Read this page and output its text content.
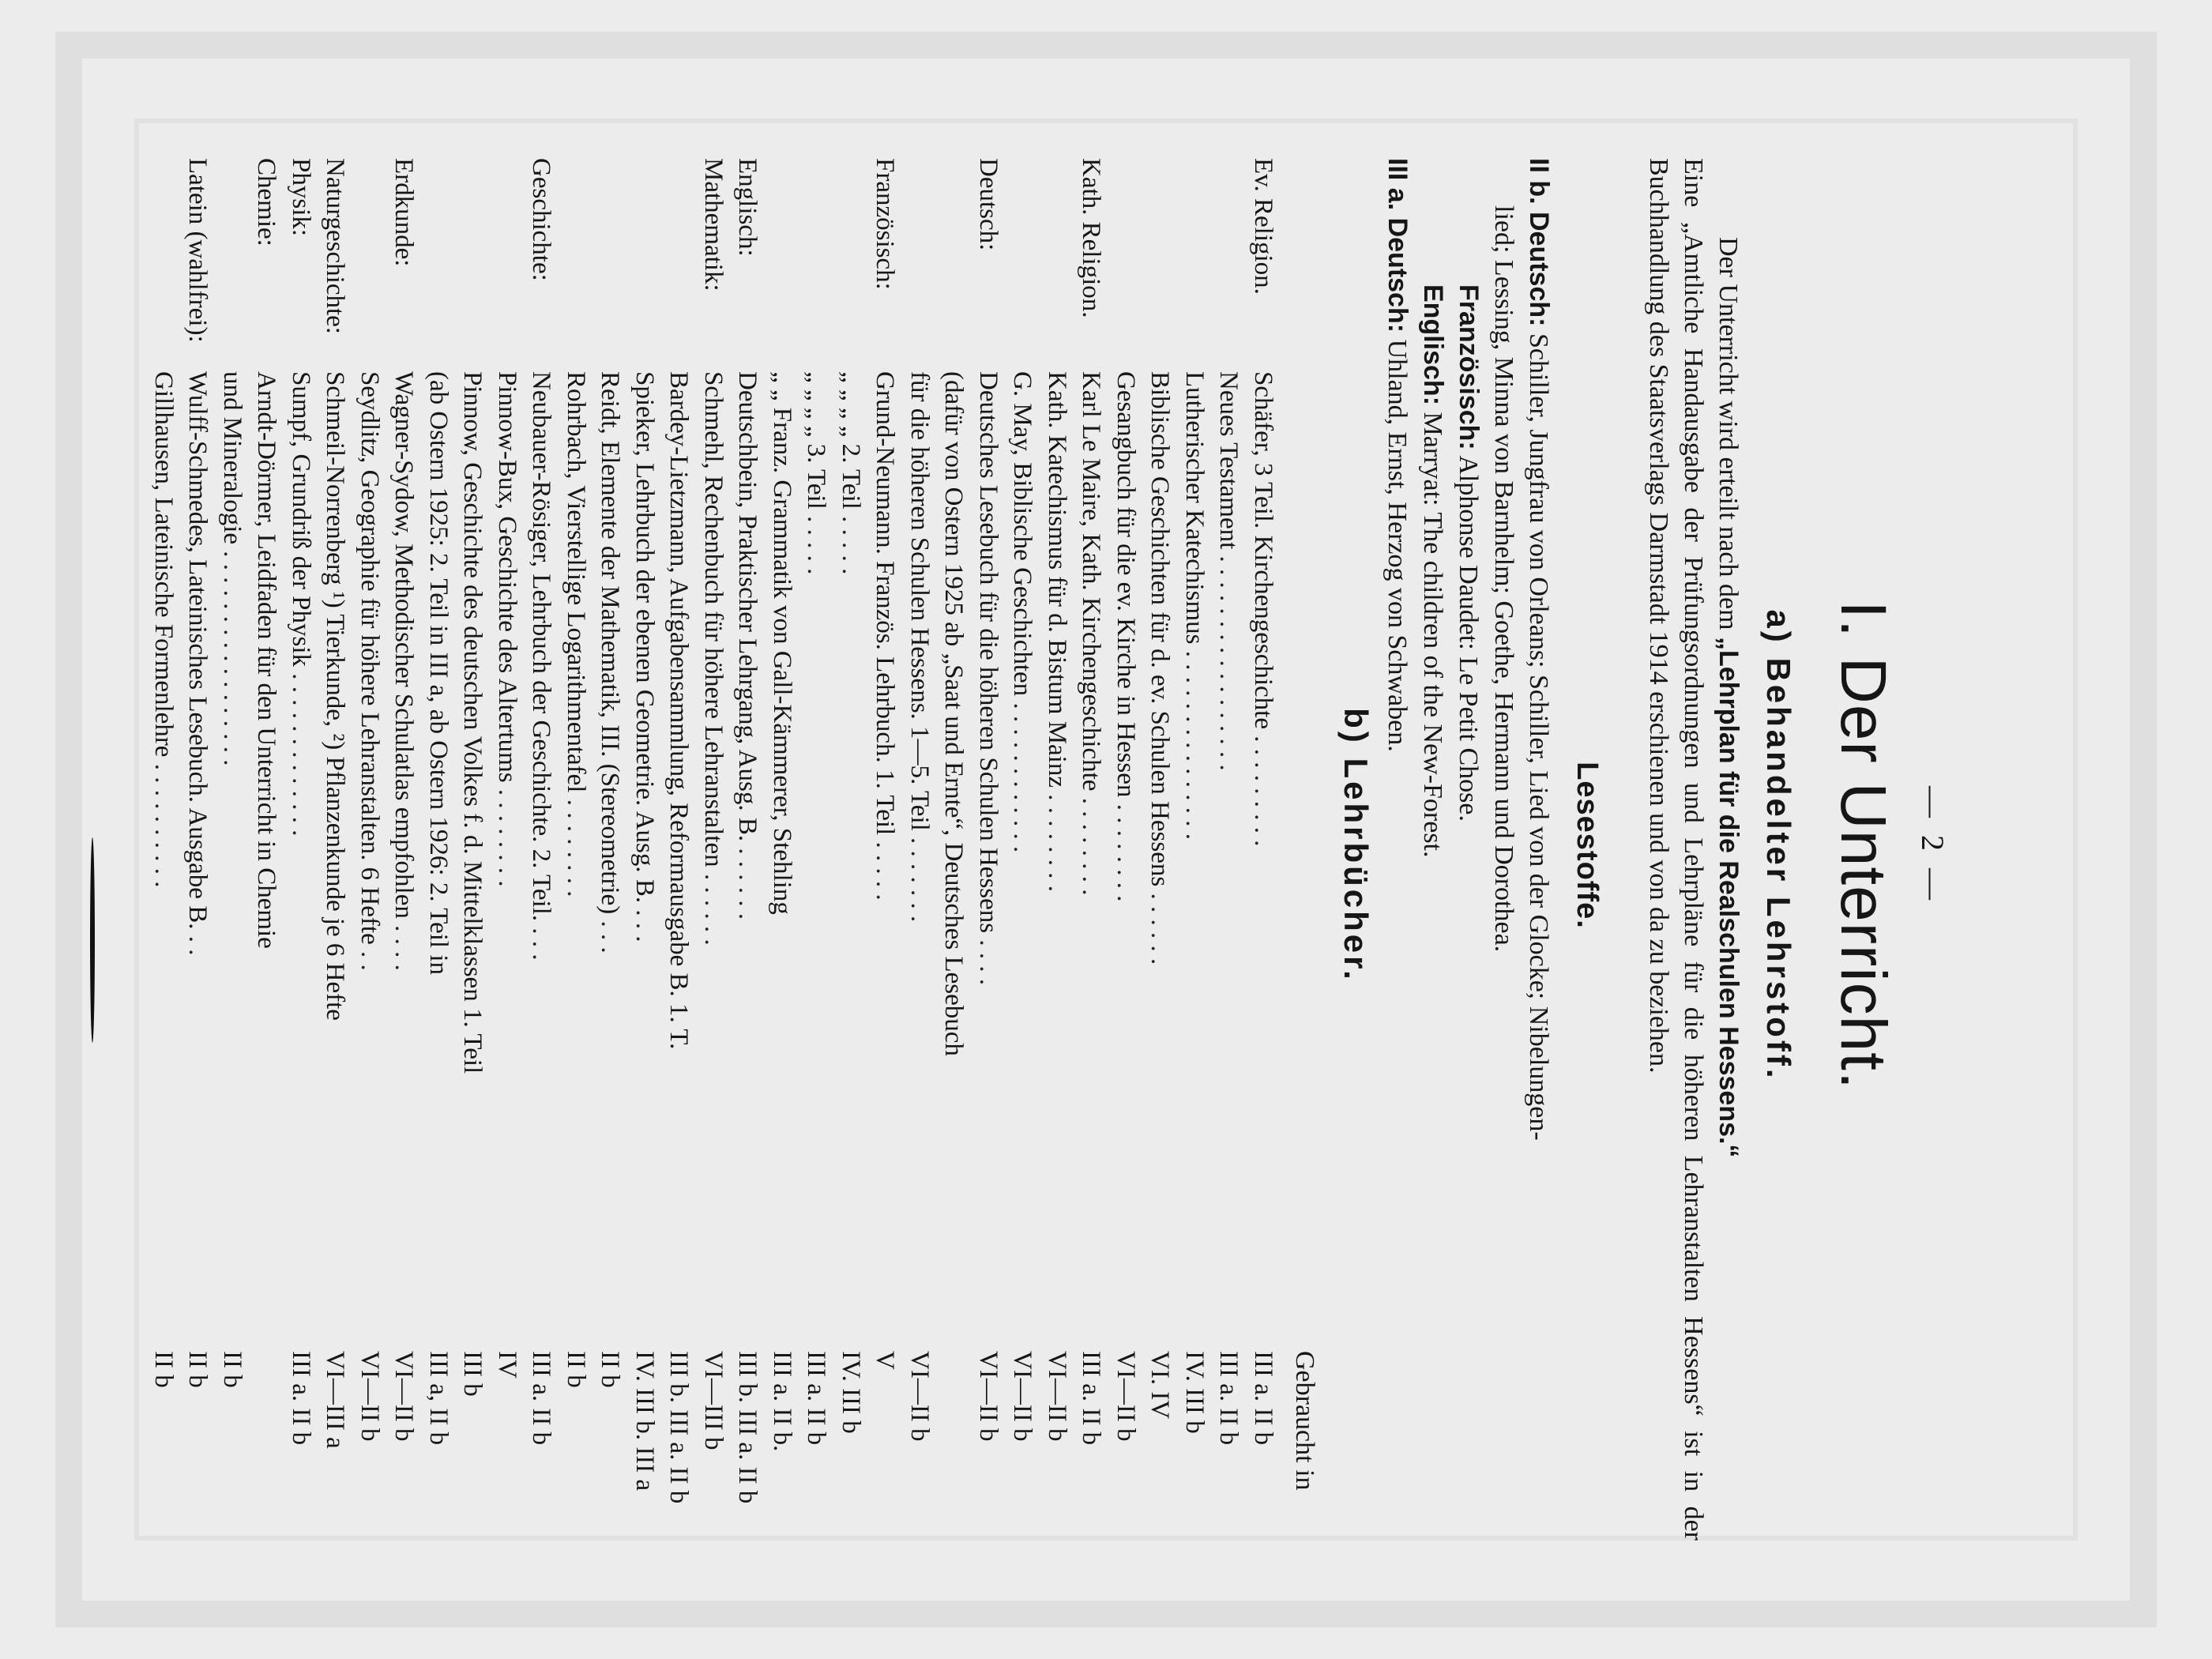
— 2 —
I. Der Unterricht.
a) Behandelter Lehrstoff.
Der Unterricht wird erteilt nach dem „Lehrplan für die Realschulen Hessens.“
Eine „Amtliche Handausgabe der Prüfungsordnungen und Lehrpläne für die höheren Lehranstalten Hessens“ ist in der Buchhandlung des Staatsverlags Darmstadt 1914 erschienen und von da zu beziehen.
Lesestoffe.
II b. Deutsch: Schiller, Jungfrau von Orleans; Schiller, Lied von der Glocke; Nibelungen-
lied; Lessing, Minna von Barnhelm; Goethe, Hermann und Dorothea.
Französisch: Alphonse Daudet: Le Petit Chose.
Englisch: Marryat: The children of the New-Forest.
III a. Deutsch: Uhland, Ernst, Herzog von Schwaben.
b) Lehrbücher.
Gebraucht in
Ev. Religion.
Schäfer, 3 Teil. Kirchengeschichte . . . . . . . . .
III a. II b
Neues Testament . . . . . . . . . . . . . . . . .
III a. II b
Lutherischer Katechismus . . . . . . . . . . . . . . .
IV. III b
Biblische Geschichten für d. ev. Schulen Hessens . . . . . .
VI. IV
Gesangbuch für die ev. Kirche in Hessen . . . . . . . .
VI—II b
Kath. Religion.
Karl Le Maire, Kath. Kirchengeschichte . . . . . . . .
III a. II b
Kath. Katechismus für d. Bistum Mainz . . . . . . . .
VI—II b
G. May, Biblische Geschichten . . . . . . . . . . . .
VI—II b
Deutsch:
Deutsches Lesebuch für die höheren Schulen Hessens . . . .
VI—II b
(dafür von Ostern 1925 ab „Saat und Ernte“, Deutsches Lesebuch
für die höheren Schulen Hessens. 1—5. Teil . . . . . . .
VI—II b
Französisch:
Grund-Neumann. Französ. Lehrbuch. 1. Teil . . . . .
V
„ „ „ „ 2. Teil . . . . .
IV. III b
„ „ „ „ 3. Teil . . . . .
III a. II b
„ „ Franz. Grammatik von Gall-Kämmerer, Stehling
III a. II b.
Englisch:
Deutschbein, Praktischer Lehrgang, Ausg. B. . . . . . .
III b. III a. II b
Mathematik:
Schmehl, Rechenbuch für höhere Lehranstalten . . . . . .
VI—III b
Bardey-Lietzmann, Aufgabensammlung, Reformausgabe B. 1. T.
III b. III a. II b
Spieker, Lehrbuch der ebenen Geometrie. Ausg. B. . . .
IV. III b. III a
Reidt, Elemente der Mathematik, III. (Stereometrie) . . .
II b
Rohrbach, Vierstellige Logarithmentafel . . . . . . . .
II b
Geschichte:
Neubauer-Rösiger, Lehrbuch der Geschichte. 2. Teil. . . .
III a. II b
Pinnow-Bux, Geschichte des Altertums . . . . . . . .
IV
Pinnow, Geschichte des deutschen Volkes f. d. Mittelklassen 1. Teil
III b
(ab Ostern 1925: 2. Teil in III a, ab Ostern 1926: 2. Teil in
III a, II b
Erdkunde:
Wagner-Sydow, Methodischer Schulatlas empfohlen . . . .
VI—II b
Seydlitz, Geographie für höhere Lehranstalten. 6 Hefte . .
VI—II b
Naturgeschichte:
Schmeil-Norrenberg ¹) Tierkunde, ²) Pflanzenkunde je 6 Hefte
VI—III a
Physik:
Sumpf, Grundriß der Physik . . . . . . . . . . . . .
III a. II b
Chemie:
Arndt-Dörmer, Leidfaden für den Unterricht in Chemie
und Mineralogie . . . . . . . . . . . . . . . . .
II b
Latein (wahlfrei):
Wulff-Schmedes, Lateinisches Lesebuch. Ausgabe B. . .
II b
Gillhausen, Lateinische Formenlehre . . . . . . . . . .
II b
